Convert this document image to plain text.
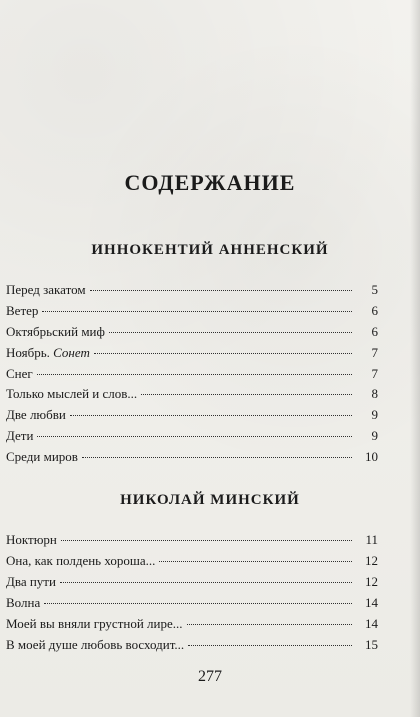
СОДЕРЖАНИЕ
ИННОКЕНТИЙ АННЕНСКИЙ
Перед закатом	5
Ветер	6
Октябрьский миф	6
Ноябрь. Сонет	7
Снег	7
Только мыслей и слов...	8
Две любви	9
Дети	9
Среди миров	10
НИКОЛАЙ МИНСКИЙ
Ноктюрн	11
Она, как полдень хороша...	12
Два пути	12
Волна	14
Моей вы вняли грустной лире...	14
В моей душе любовь восходит...	15
277
